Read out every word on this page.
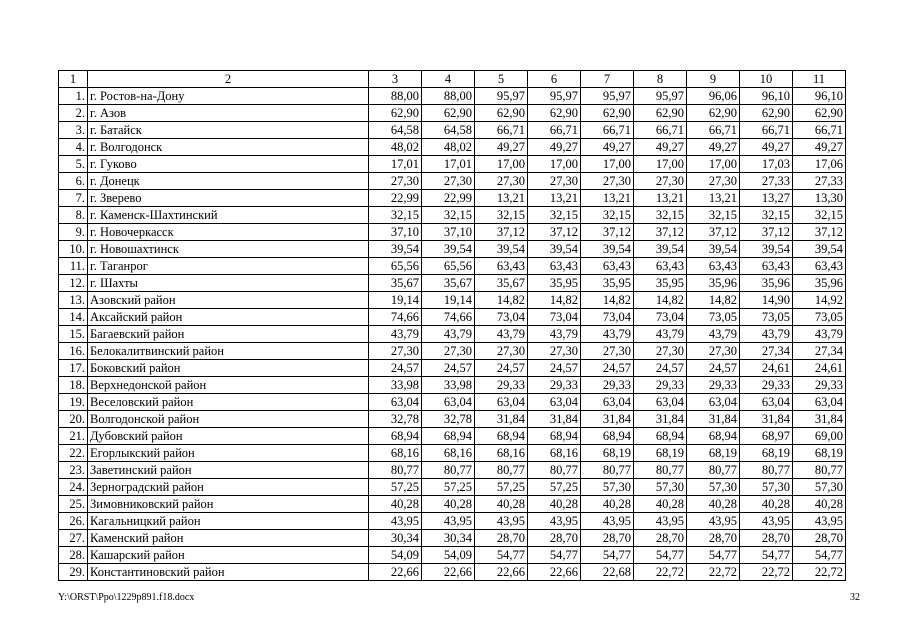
1	2	3	4	5	6	7	8	9	10	11
1.	г. Ростов-на-Дону	88,00	88,00	95,97	95,97	95,97	95,97	96,06	96,10	96,10
2.	г. Азов	62,90	62,90	62,90	62,90	62,90	62,90	62,90	62,90	62,90
3.	г. Батайск	64,58	64,58	66,71	66,71	66,71	66,71	66,71	66,71	66,71
4.	г. Волгодонск	48,02	48,02	49,27	49,27	49,27	49,27	49,27	49,27	49,27
5.	г. Гуково	17,01	17,01	17,00	17,00	17,00	17,00	17,00	17,03	17,06
6.	г. Донецк	27,30	27,30	27,30	27,30	27,30	27,30	27,30	27,33	27,33
7.	г. Зверево	22,99	22,99	13,21	13,21	13,21	13,21	13,21	13,27	13,30
8.	г. Каменск-Шахтинский	32,15	32,15	32,15	32,15	32,15	32,15	32,15	32,15	32,15
9.	г. Новочеркасск	37,10	37,10	37,12	37,12	37,12	37,12	37,12	37,12	37,12
10.	г. Новошахтинск	39,54	39,54	39,54	39,54	39,54	39,54	39,54	39,54	39,54
11.	г. Таганрог	65,56	65,56	63,43	63,43	63,43	63,43	63,43	63,43	63,43
12.	г. Шахты	35,67	35,67	35,67	35,95	35,95	35,95	35,96	35,96	35,96
13.	Азовский район	19,14	19,14	14,82	14,82	14,82	14,82	14,82	14,90	14,92
14.	Аксайский район	74,66	74,66	73,04	73,04	73,04	73,04	73,05	73,05	73,05
15.	Багаевский район	43,79	43,79	43,79	43,79	43,79	43,79	43,79	43,79	43,79
16.	Белокалитвинский район	27,30	27,30	27,30	27,30	27,30	27,30	27,30	27,34	27,34
17.	Боковский район	24,57	24,57	24,57	24,57	24,57	24,57	24,57	24,61	24,61
18.	Верхнедонской район	33,98	33,98	29,33	29,33	29,33	29,33	29,33	29,33	29,33
19.	Веселовский район	63,04	63,04	63,04	63,04	63,04	63,04	63,04	63,04	63,04
20.	Волгодонской район	32,78	32,78	31,84	31,84	31,84	31,84	31,84	31,84	31,84
21.	Дубовский район	68,94	68,94	68,94	68,94	68,94	68,94	68,94	68,97	69,00
22.	Егорлыкский район	68,16	68,16	68,16	68,16	68,19	68,19	68,19	68,19	68,19
23.	Заветинский район	80,77	80,77	80,77	80,77	80,77	80,77	80,77	80,77	80,77
24.	Зерноградский район	57,25	57,25	57,25	57,25	57,30	57,30	57,30	57,30	57,30
25.	Зимовниковский район	40,28	40,28	40,28	40,28	40,28	40,28	40,28	40,28	40,28
26.	Кагальницкий район	43,95	43,95	43,95	43,95	43,95	43,95	43,95	43,95	43,95
27.	Каменский район	30,34	30,34	28,70	28,70	28,70	28,70	28,70	28,70	28,70
28.	Кашарский район	54,09	54,09	54,77	54,77	54,77	54,77	54,77	54,77	54,77
29.	Константиновский район	22,66	22,66	22,66	22,66	22,68	22,72	22,72	22,72	22,72
Y:\ORST\Ppo\1229p891.f18.docx	32
